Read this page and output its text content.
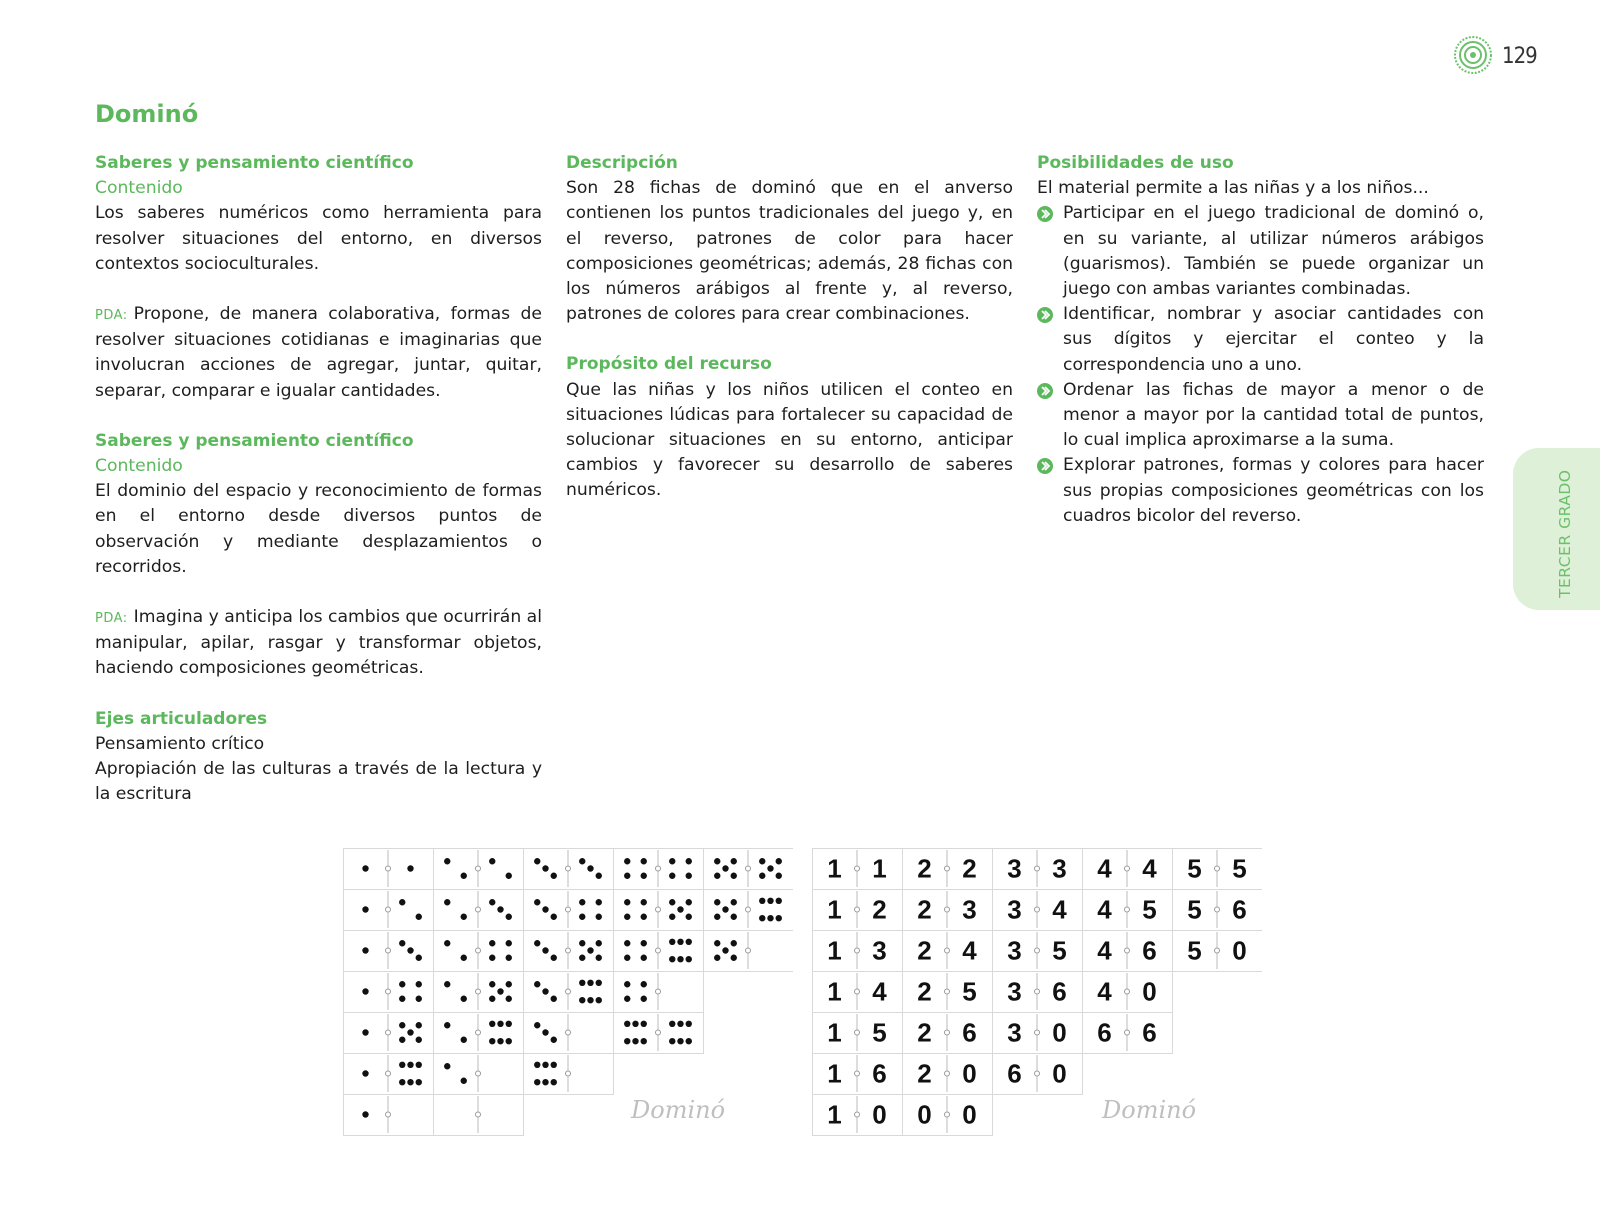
129
Dominó
Saberes y pensamiento científico
Contenido

Los saberes numéricos como herramienta para resolver situaciones del entorno, en diversos contextos socioculturales.

PDA: Propone, de manera colaborativa, formas de resolver situaciones cotidianas e imaginarias que involucran acciones de agregar, juntar, quitar, separar, comparar e igualar cantidades.

Saberes y pensamiento científico
Contenido

El dominio del espacio y reconocimiento de formas en el entorno desde diversos puntos de observación y mediante desplazamientos o recorridos.

PDA: Imagina y anticipa los cambios que ocurrirán al manipular, apilar, rasgar y transformar objetos, haciendo composiciones geométricas.

Ejes articuladores

Pensamiento crítico

Apropiación de las culturas a través de la lectura y la escritura

Descripción

Son 28 fichas de dominó que en el anverso contienen los puntos tradicionales del juego y, en el reverso, patrones de color para hacer composiciones geométricas; además, 28 fichas con los números arábigos al frente y, al reverso, patrones de colores para crear combinaciones.

Propósito del recurso

Que las niñas y los niños utilicen el conteo en situaciones lúdicas para fortalecer su capacidad de solucionar situaciones en su entorno, anticipar cambios y favorecer su desarrollo de saberes numéricos.

Posibilidades de uso

El material permite a las niñas y a los niños...

Participar en el juego tradicional de dominó o, en su variante, al utilizar números arábigos (guarismos). También se puede organizar un juego con ambas variantes combinadas.
Identificar, nombrar y asociar cantidades con sus dígitos y ejercitar el conteo y la correspondencia uno a uno.
Ordenar las fichas de mayor a menor o de menor a mayor por la cantidad total de puntos, lo cual implica aproximarse a la suma.
Explorar patrones, formas y colores para hacer sus propias composiciones geométricas con los cuadros bicolor del reverso.	TERCER GRADO
Dominó
5 0
5 6
5 5
6 6
4 0
4 6
4 5
4 4
6 0
3 0
3 6
3 5
3 4
3 3
0 0
2 0
2 6
2 5
2 4
2 3
2 2
1 0
1 6
1 5
1 4
1 3
1 2
1 1
Dominó
